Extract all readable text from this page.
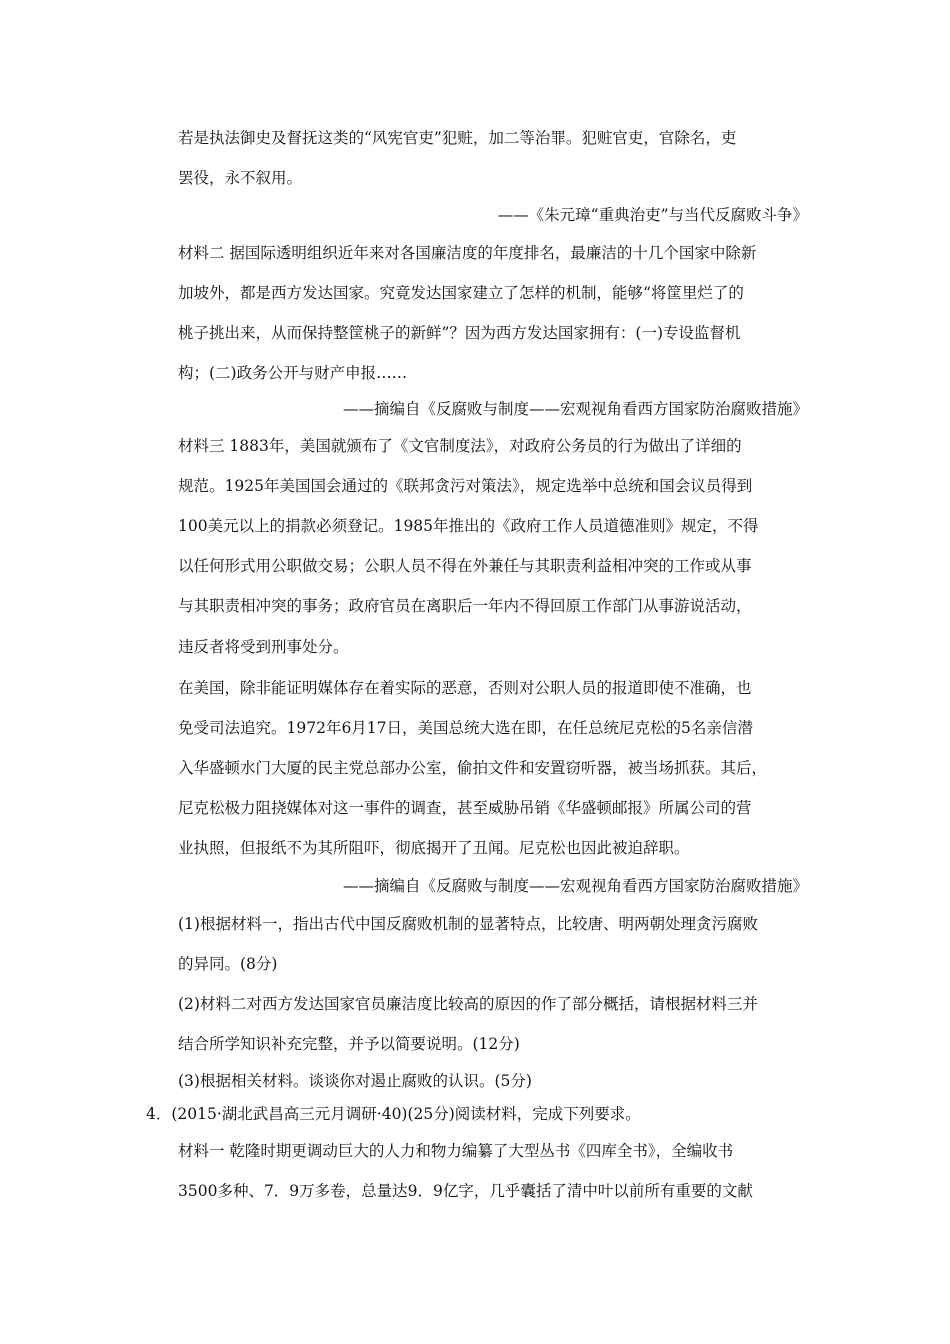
若是执法御史及督抚这类的“风宪官吏”犯赃，加二等治罪。犯赃官吏，官除名，吏
罢役，永不叙用。
——《朱元璋“重典治吏”与当代反腐败斗争》
材料二 据国际透明组织近年来对各国廉洁度的年度排名，最廉洁的十几个国家中除新
加坡外，都是西方发达国家。究竟发达国家建立了怎样的机制，能够“将筐里烂了的
桃子挑出来，从而保持整筐桃子的新鲜”？因为西方发达国家拥有：(一)专设监督机
构；(二)政务公开与财产申报……
——摘编自《反腐败与制度——宏观视角看西方国家防治腐败措施》
材料三 1883年，美国就颁布了《文官制度法》，对政府公务员的行为做出了详细的
规范。1925年美国国会通过的《联邦贪污对策法》，规定选举中总统和国会议员得到
100美元以上的捐款必须登记。1985年推出的《政府工作人员道德准则》规定，不得
以任何形式用公职做交易；公职人员不得在外兼任与其职责利益相冲突的工作或从事
与其职责相冲突的事务；政府官员在离职后一年内不得回原工作部门从事游说活动，
违反者将受到刑事处分。
在美国，除非能证明媒体存在着实际的恶意，否则对公职人员的报道即使不准确，也
免受司法追究。1972年6月17日，美国总统大选在即，在任总统尼克松的5名亲信潜
入华盛顿水门大厦的民主党总部办公室，偷拍文件和安置窃听器，被当场抓获。其后，
尼克松极力阻挠媒体对这一事件的调查，甚至威胁吊销《华盛顿邮报》所属公司的营
业执照，但报纸不为其所阻吓，彻底揭开了丑闻。尼克松也因此被迫辞职。
——摘编自《反腐败与制度——宏观视角看西方国家防治腐败措施》
(1)根据材料一，指出古代中国反腐败机制的显著特点，比较唐、明两朝处理贪污腐败
的异同。(8分)
(2)材料二对西方发达国家官员廉洁度比较高的原因的作了部分概括，请根据材料三并
结合所学知识补充完整，并予以简要说明。(12分)
(3)根据相关材料。谈谈你对遏止腐败的认识。(5分)
4．(2015·湖北武昌高三元月调研·40)(25分)阅读材料，完成下列要求。
材料一 乾隆时期更调动巨大的人力和物力编纂了大型丛书《四库全书》，全编收书
3500多种、7．9万多卷，总量达9．9亿字，几乎囊括了清中叶以前所有重要的文献
